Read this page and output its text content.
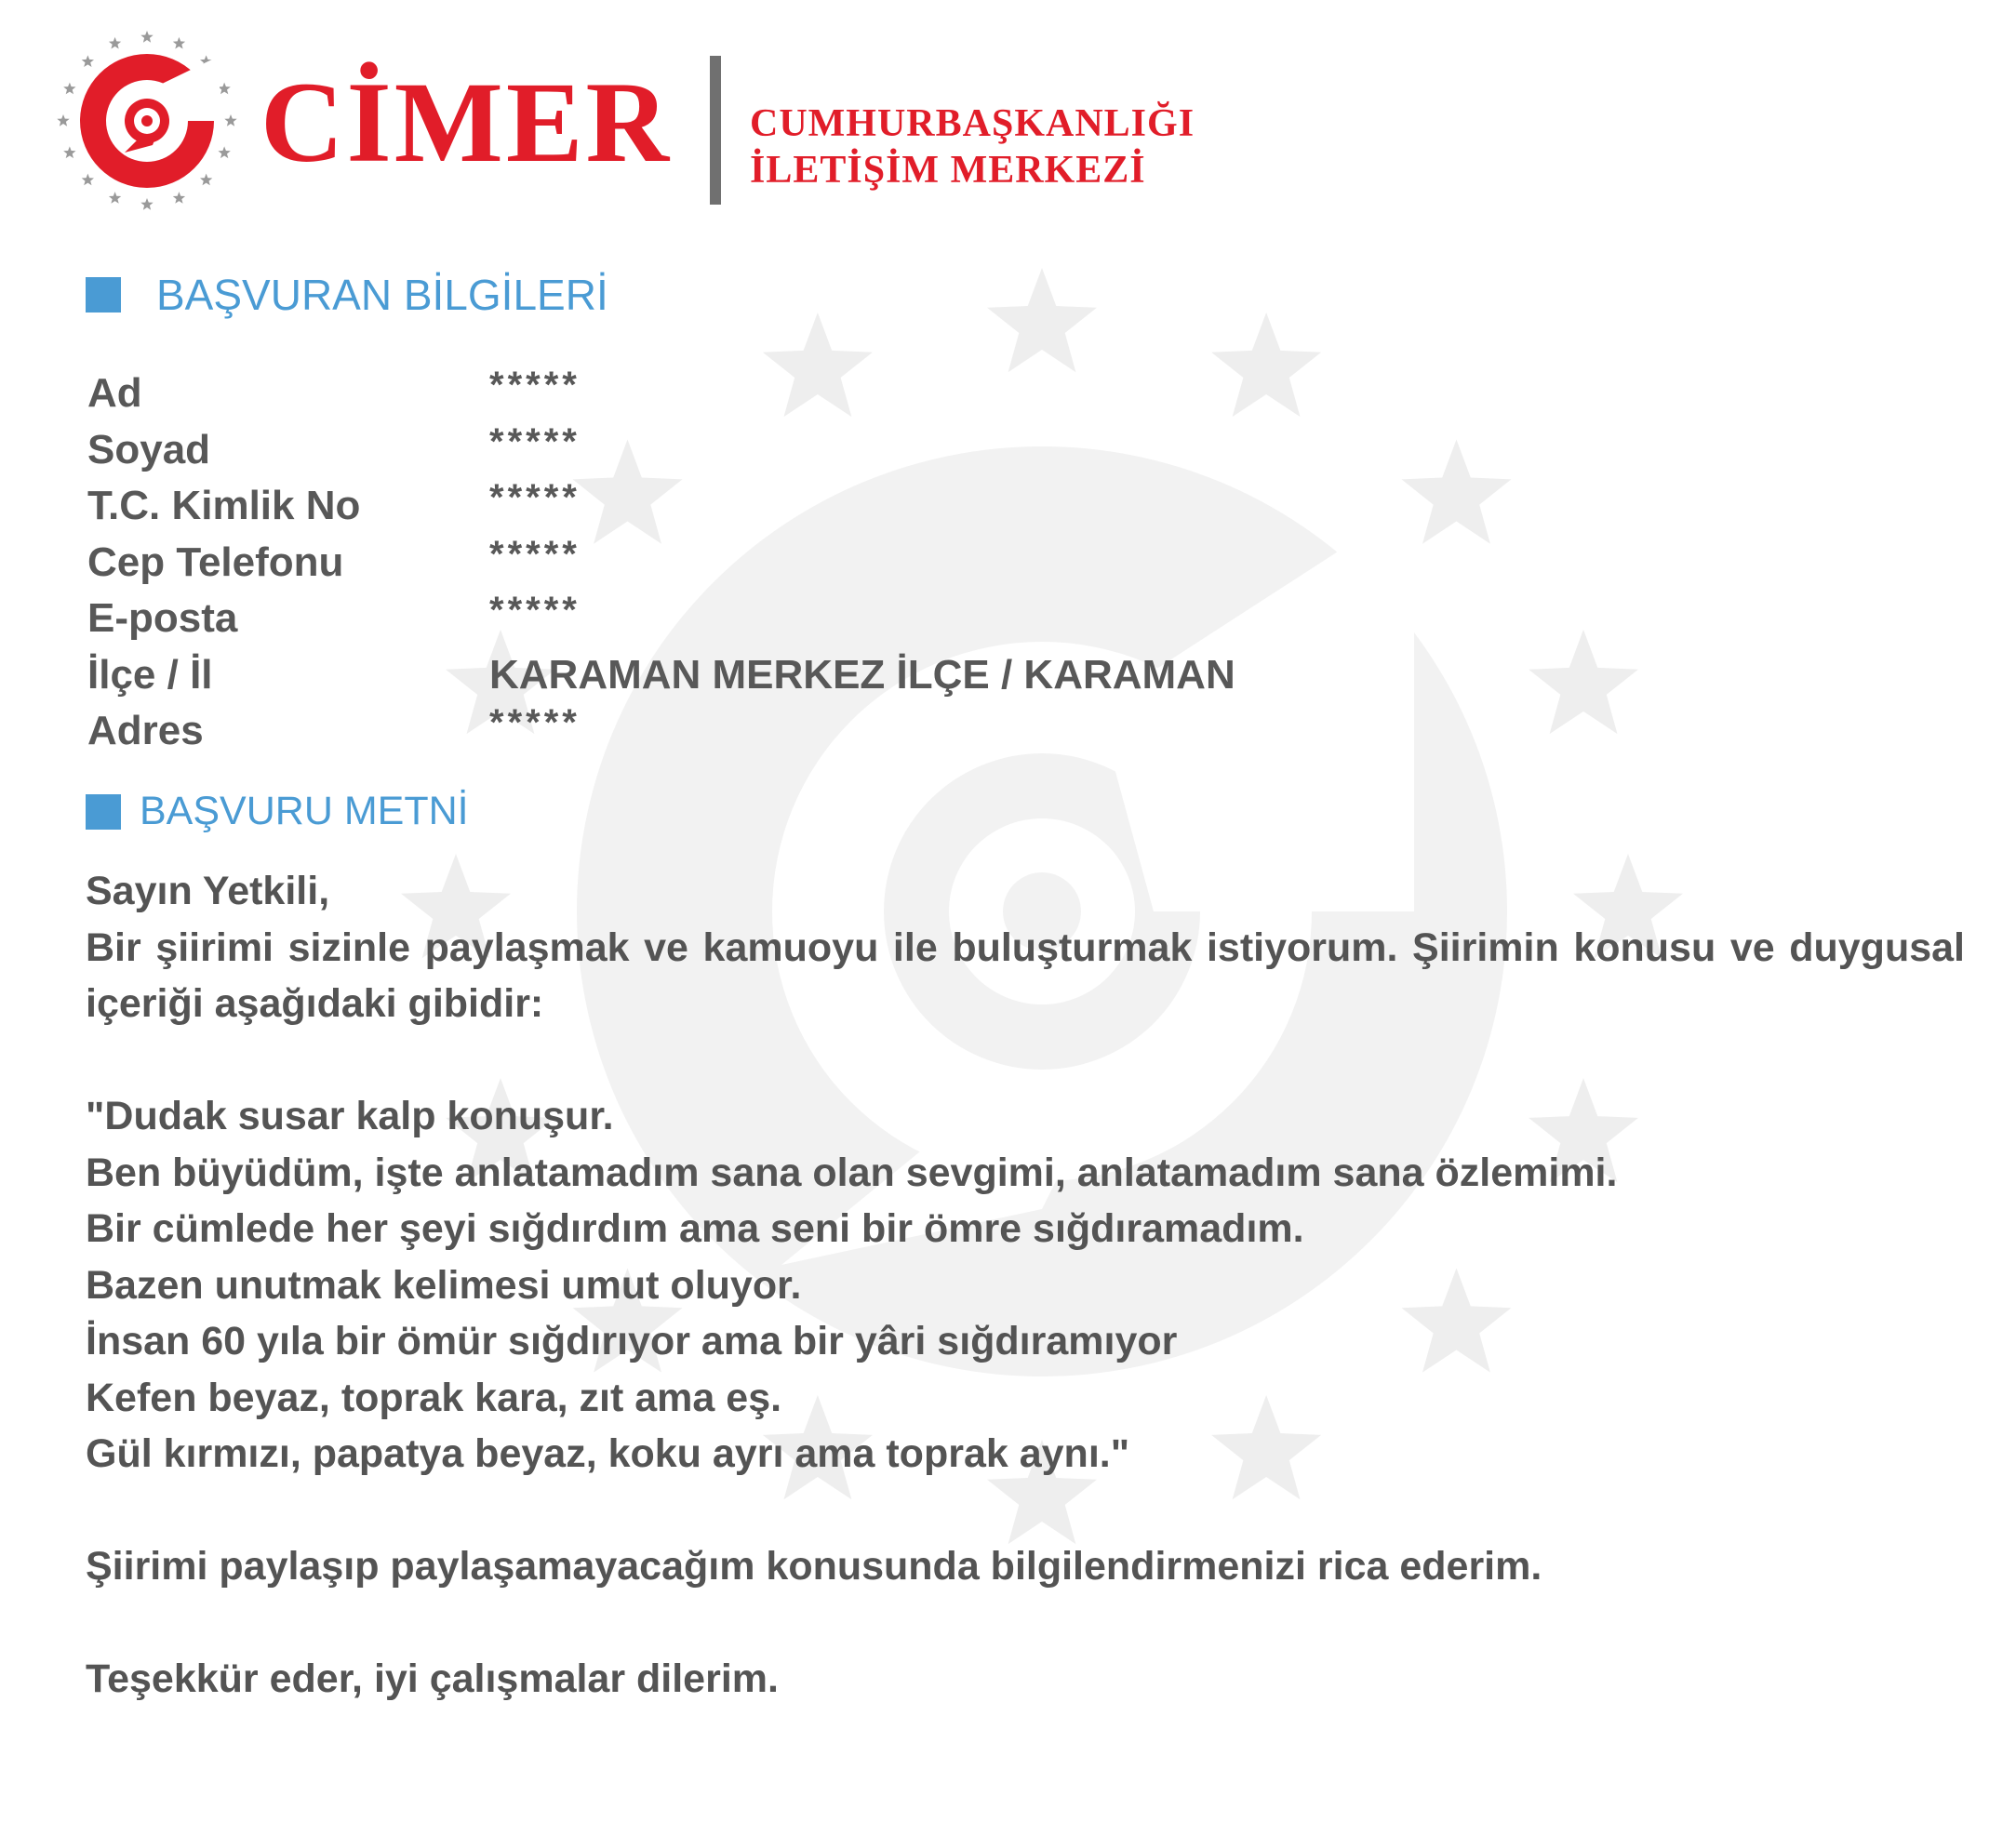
CİMER CUMHURBAŞKANLIĞI
İLETİŞİM MERKEZİ
BAŞVURAN BİLGİLERİ
Ad	*****
Soyad	*****
T.C. Kimlik No	*****
Cep Telefonu	*****
E-posta	*****
İlçe / İl	KARAMAN MERKEZ İLÇE / KARAMAN
Adres	*****
BAŞVURU METNİ
Sayın Yetkili,
Bir şiirimi sizinle paylaşmak ve kamuoyu ile buluşturmak istiyorum. Şiirimin konusu ve duygusal içeriği aşağıdaki gibidir:
"Dudak susar kalp konuşur.
Ben büyüdüm, işte anlatamadım sana olan sevgimi, anlatamadım sana özlemimi.
Bir cümlede her şeyi sığdırdım ama seni bir ömre sığdıramadım.
Bazen unutmak kelimesi umut oluyor.
İnsan 60 yıla bir ömür sığdırıyor ama bir yâri sığdıramıyor
Kefen beyaz, toprak kara, zıt ama eş.
Gül kırmızı, papatya beyaz, koku ayrı ama toprak aynı."
Şiirimi paylaşıp paylaşamayacağım konusunda bilgilendirmenizi rica ederim.
Teşekkür eder, iyi çalışmalar dilerim.
